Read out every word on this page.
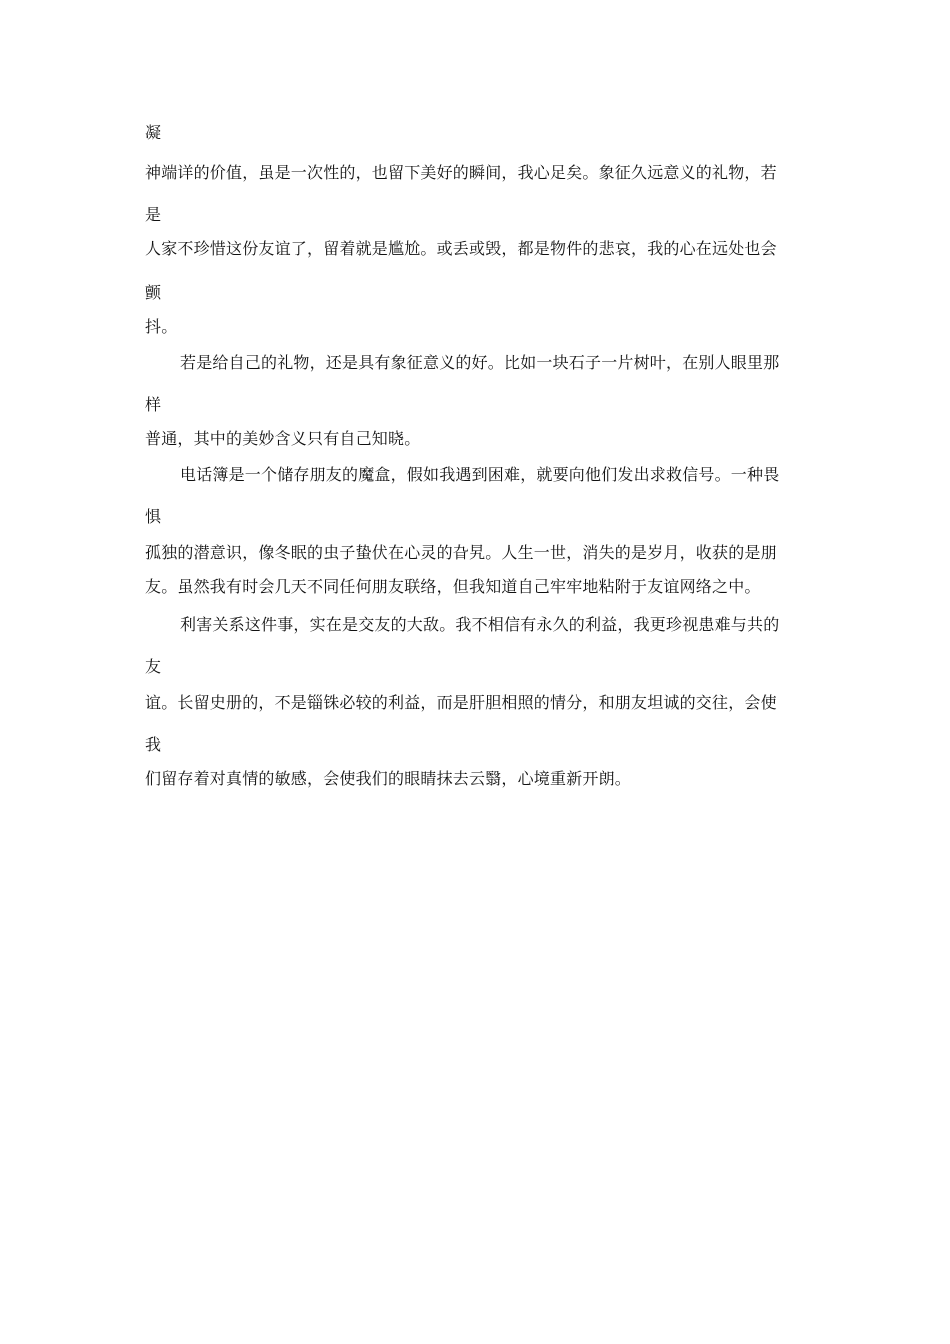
凝
神端详的价值，虽是一次性的，也留下美好的瞬间，我心足矣。象征久远意义的礼物，若
是
人家不珍惜这份友谊了，留着就是尴尬。或丢或毁，都是物件的悲哀，我的心在远处也会
颤
抖。
若是给自己的礼物，还是具有象征意义的好。比如一块石子一片树叶，在别人眼里那
样
普通，其中的美妙含义只有自己知晓。
电话簿是一个储存朋友的魔盒，假如我遇到困难，就要向他们发出求救信号。一种畏
惧
孤独的潜意识，像冬眠的虫子蛰伏在心灵的旮旯。人生一世，消失的是岁月，收获的是朋
友。虽然我有时会几天不同任何朋友联络，但我知道自己牢牢地粘附于友谊网络之中。
利害关系这件事，实在是交友的大敌。我不相信有永久的利益，我更珍视患难与共的
友
谊。长留史册的，不是锱铢必较的利益，而是肝胆相照的情分，和朋友坦诚的交往，会使
我
们留存着对真情的敏感，会使我们的眼睛抹去云翳，心境重新开朗。
